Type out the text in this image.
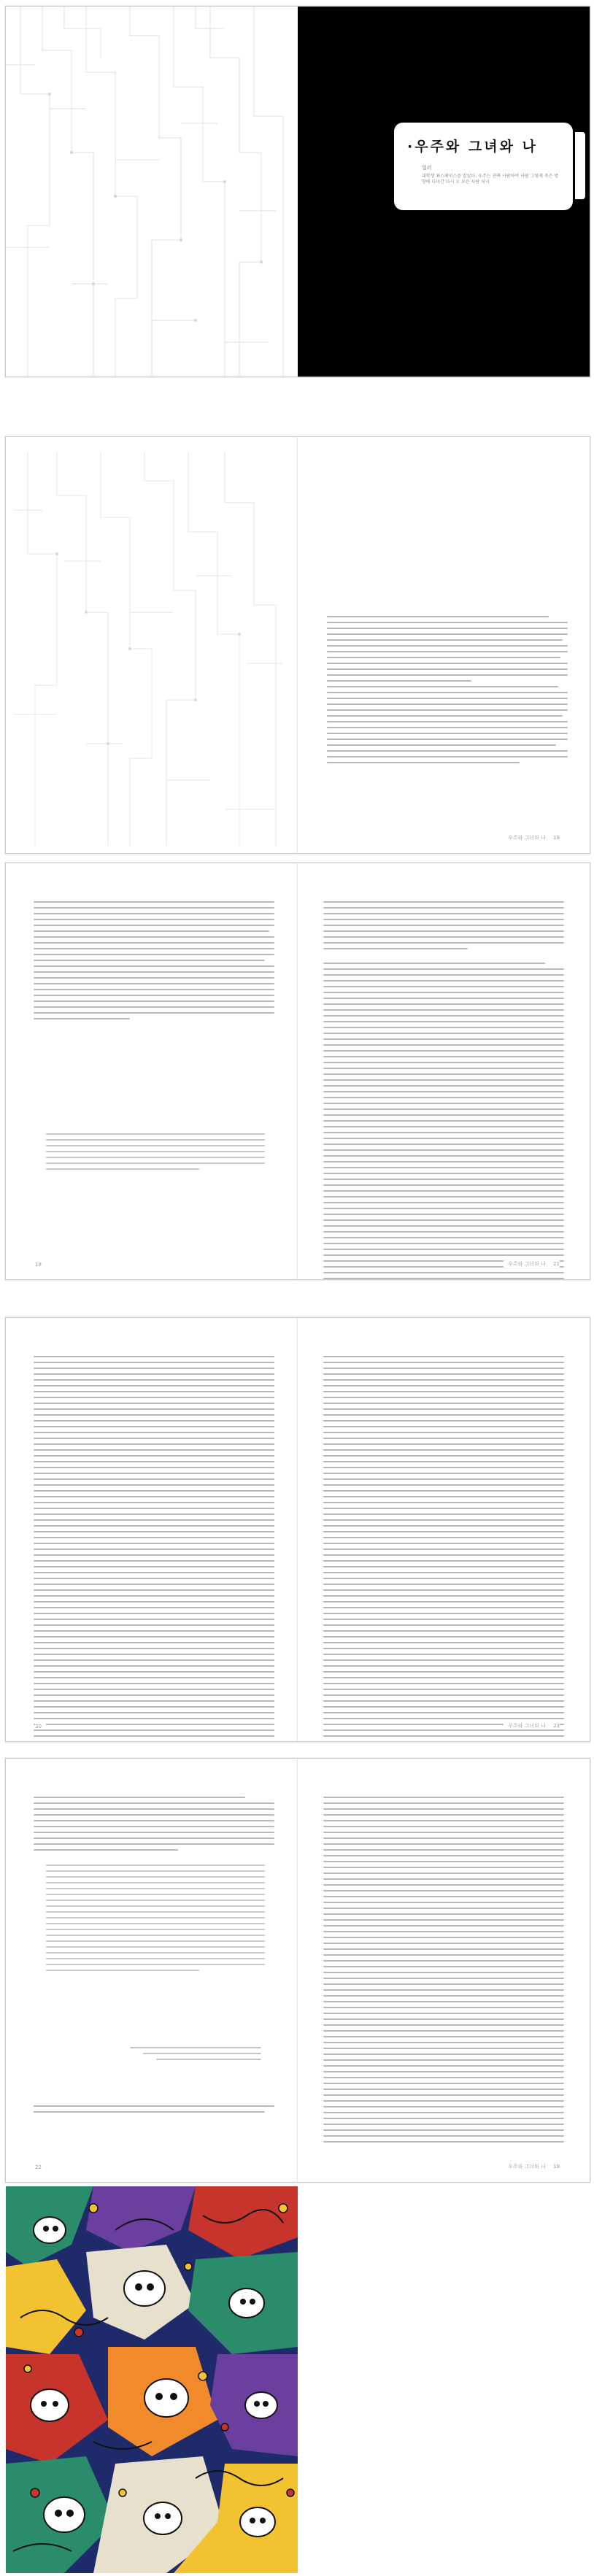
·우주와 그녀와 나
일러
대학생 최스페이스를 알았다. 우주는 진짜 사람하여 사람 그렇게 죽은 방향에 다녀간 다시 오 보은 사랑 처지
우주와 그녀와 나 19
18	우주와 그녀와 나 21
20	우주와 그녀와 나 23
22	우주와 그녀와 나 19
